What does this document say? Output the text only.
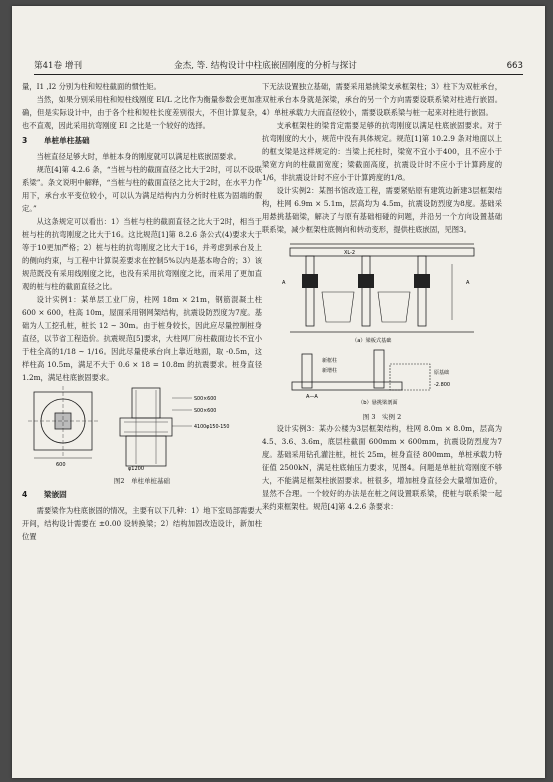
第41卷 增刊	金杰, 等. 结构设计中柱底嵌固刚度的分析与探讨	663

量，I1 ,I2 分别为柱和短柱截面的惯性矩。

当然，如果分别采用柱和短柱线刚度 EI/L 之比作为衡量参数会更加准确，但是实际设计中，由于各个柱和短柱长度差别很大，不但计算复杂，也不直观，因此采用抗弯刚度 EI 之比是一个较好的选择。

3 单桩单柱基础

当桩直径足够大时，单桩本身的刚度就可以满足柱底嵌固要求。

规范[4]第 4.2.6 条，“当桩与柱的截面直径之比大于2时，可以不设联系梁”。条文说明中解释，“当桩与柱的截面直径之比大于2时，在水平力作用下，承台水平变位较小，可以认为满足结构内力分析时柱底为固端的假定。”

从这条规定可以看出：1）当桩与柱的截面直径之比大于2时，相当于桩与柱的抗弯刚度之比大于16。这比规范[1]第 8.2.6 条公式(4)要求大于等于10更加严格；2）桩与柱的抗弯刚度之比大于16，并考虑到承台及上的侧向约束，与工程中计算误差要求在控制5%以内是基本吻合的；3）该规范既没有采用线刚度之比，也没有采用抗弯刚度之比，而采用了更加直观的桩与柱的截面直径之比。

设计实例1：某单层工业厂房，柱网 18m × 21m，钢筋混凝土柱 600 × 600，柱高 10m，屋面采用钢网架结构，抗震设防烈度为7度。基础为人工挖孔桩，桩长 12 ~ 30m。由于桩身较长，因此应尽量控制桩身直径，以节省工程造价。抗震规范[5]要求，大柱网厂房柱截面边长不宜小于柱全高的1/18 ~ 1/16。因此尽量使承台向上靠近地面，取 -0.5m，这样柱高 10.5m，满足不大于 0.6 × 18 = 10.8m 的抗震要求。桩身直径 1.2m，满足柱底嵌固要求。

600
φ1200
S00×600
S00×600
4100φ150-150
图2　单柱单桩基础
4 梁嵌固

需要梁作为柱底嵌固的情况，主要有以下几种：1）地下室局部需要大开间，结构设计需要在 ±0.00 设转换梁；2）结构加固改造设计，新加柱位置

下无法设置独立基础，需要采用悬挑梁支承框架柱；3）柱下为双桩承台，双桩承台本身就是深梁，承台的另一个方向需要设联系梁对柱进行嵌固。4）单桩承载力大而直径较小，需要设联系梁与桩一起来对柱进行嵌固。

支承框架柱的梁肯定需要足够的抗弯刚度以满足柱底嵌固要求。对于抗弯刚度的大小，规范中没有具体规定。规范[1]第 10.2.9 条对地面以上的框支梁是这样规定的：当梁上托柱时，梁宽不宜小于400，且不应小于梁宽方向的柱截面宽度；梁截面高度，抗震设计时不应小于计算跨度的1/6，非抗震设计时不应小于计算跨度的1/8。

设计实例2：某图书馆改造工程，需要紧贴原有建筑边新建3层框架结构，柱网 6.9m × 5.1m，层高均为 4.5m，抗震设防烈度为8度。基础采用悬挑基础梁，解决了与原有基础相碰的问题，并沿另一个方向设置基础联系梁，减少框架柱底侧向和转动变形，提供柱底嵌固，见图3。

XL-2
A	A
（a）梁板式基础
新框柱
新增柱	原基础
-2.800
A—A
（b）悬挑梁剖面
图 3　实例 2

设计实例3：某办公楼为3层框架结构，柱网 8.0m × 8.0m，层高为 4.5、3.6、3.6m，底层柱截面 600mm × 600mm，抗震设防烈度为7度。基础采用钻孔灌注桩，桩长 25m，桩身直径 800mm，单桩承载力特征值 2500kN，满足柱底轴压力要求，见图4。问题是单桩抗弯刚度不够大，不能满足框架柱嵌固要求。桩很多，增加桩身直径会大量增加造价，显然不合理。一个较好的办法是在桩之间设置联系梁，使桩与联系梁一起来约束框架柱。规范[4]第 4.2.6 条要求：
